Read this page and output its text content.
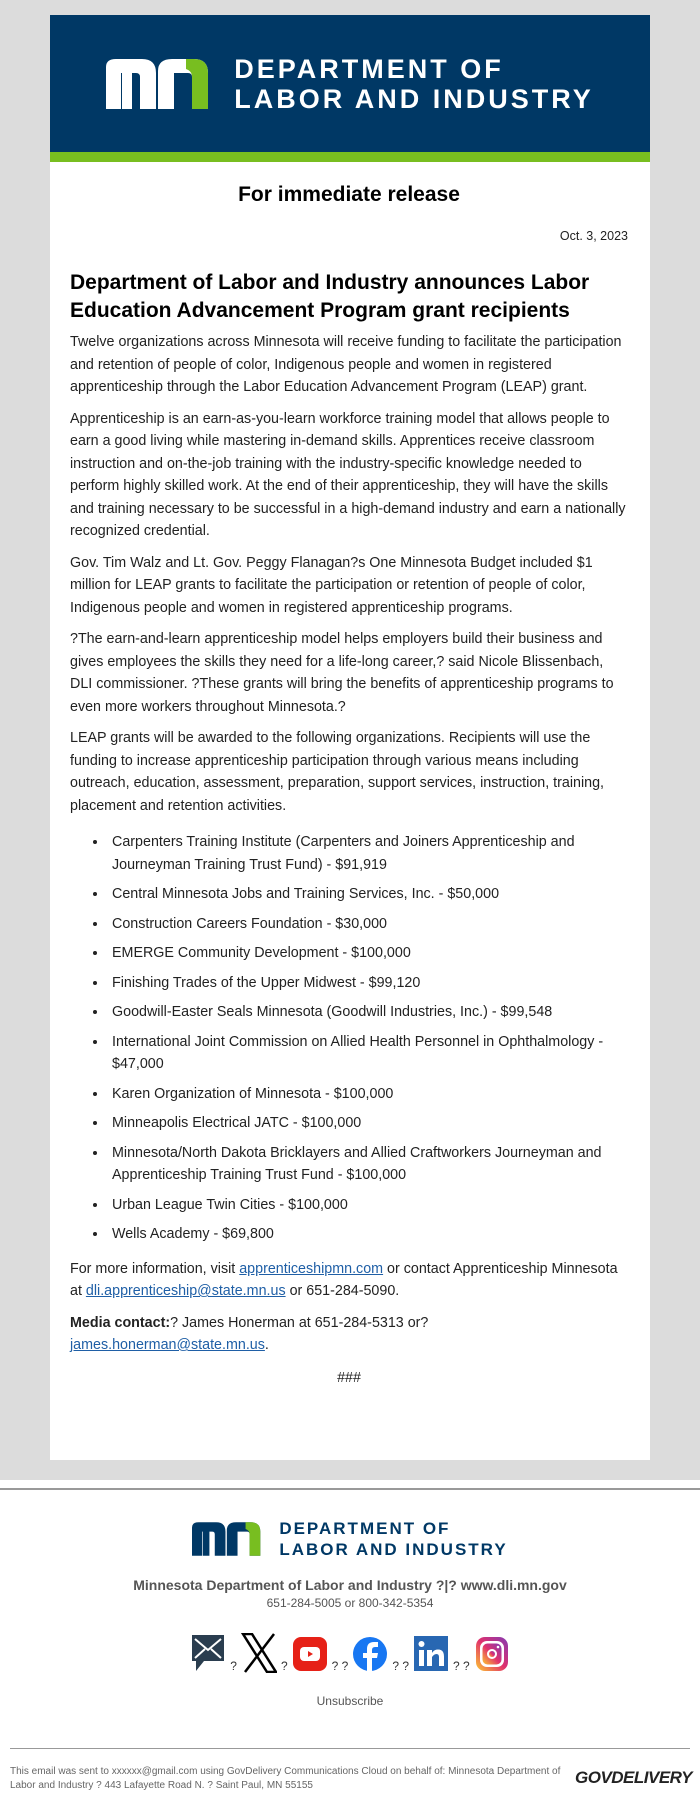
DEPARTMENT OF
LABOR AND INDUSTRY
For immediate release
Oct. 3, 2023
Department of Labor and Industry announces Labor Education Advancement Program grant recipients

Twelve organizations across Minnesota will receive funding to facilitate the participation and retention of people of color, Indigenous people and women in registered apprenticeship through the Labor Education Advancement Program (LEAP) grant.

Apprenticeship is an earn-as-you-learn workforce training model that allows people to earn a good living while mastering in-demand skills. Apprentices receive classroom instruction and on-the-job training with the industry-specific knowledge needed to perform highly skilled work. At the end of their apprenticeship, they will have the skills and training necessary to be successful in a high-demand industry and earn a nationally recognized credential.

Gov. Tim Walz and Lt. Gov. Peggy Flanagan?s One Minnesota Budget included $1 million for LEAP grants to facilitate the participation or retention of people of color, Indigenous people and women in registered apprenticeship programs.

?The earn-and-learn apprenticeship model helps employers build their business and gives employees the skills they need for a life-long career,? said Nicole Blissenbach, DLI commissioner. ?These grants will bring the benefits of apprenticeship programs to even more workers throughout Minnesota.?

LEAP grants will be awarded to the following organizations. Recipients will use the funding to increase apprenticeship participation through various means including outreach, education, assessment, preparation, support services, instruction, training, placement and retention activities.

• Carpenters Training Institute (Carpenters and Joiners Apprenticeship and Journeyman Training Trust Fund) - $91,919
• Central Minnesota Jobs and Training Services, Inc. - $50,000
• Construction Careers Foundation - $30,000
• EMERGE Community Development - $100,000
• Finishing Trades of the Upper Midwest - $99,120
• Goodwill-Easter Seals Minnesota (Goodwill Industries, Inc.) - $99,548
• International Joint Commission on Allied Health Personnel in Ophthalmology - $47,000
• Karen Organization of Minnesota - $100,000
• Minneapolis Electrical JATC - $100,000
• Minnesota/North Dakota Bricklayers and Allied Craftworkers Journeyman and Apprenticeship Training Trust Fund - $100,000
• Urban League Twin Cities - $100,000
• Wells Academy - $69,800

For more information, visit apprenticeshipmn.com or contact Apprenticeship Minnesota at dli.apprenticeship@state.mn.us or 651-284-5090.

Media contact:? James Honerman at 651-284-5313 or? james.honerman@state.mn.us.

###
DEPARTMENT OF
LABOR AND INDUSTRY
Minnesota Department of Labor and Industry ?|? www.dli.mn.gov
651-284-5005 or 800-342-5354
?	?	? ?	? ?	? ?
Unsubscribe
This email was sent to xxxxxx@gmail.com using GovDelivery Communications Cloud on behalf of: Minnesota Department of Labor and Industry ? 443 Lafayette Road N. ? Saint Paul, MN 55155	GOVDELIVERY
